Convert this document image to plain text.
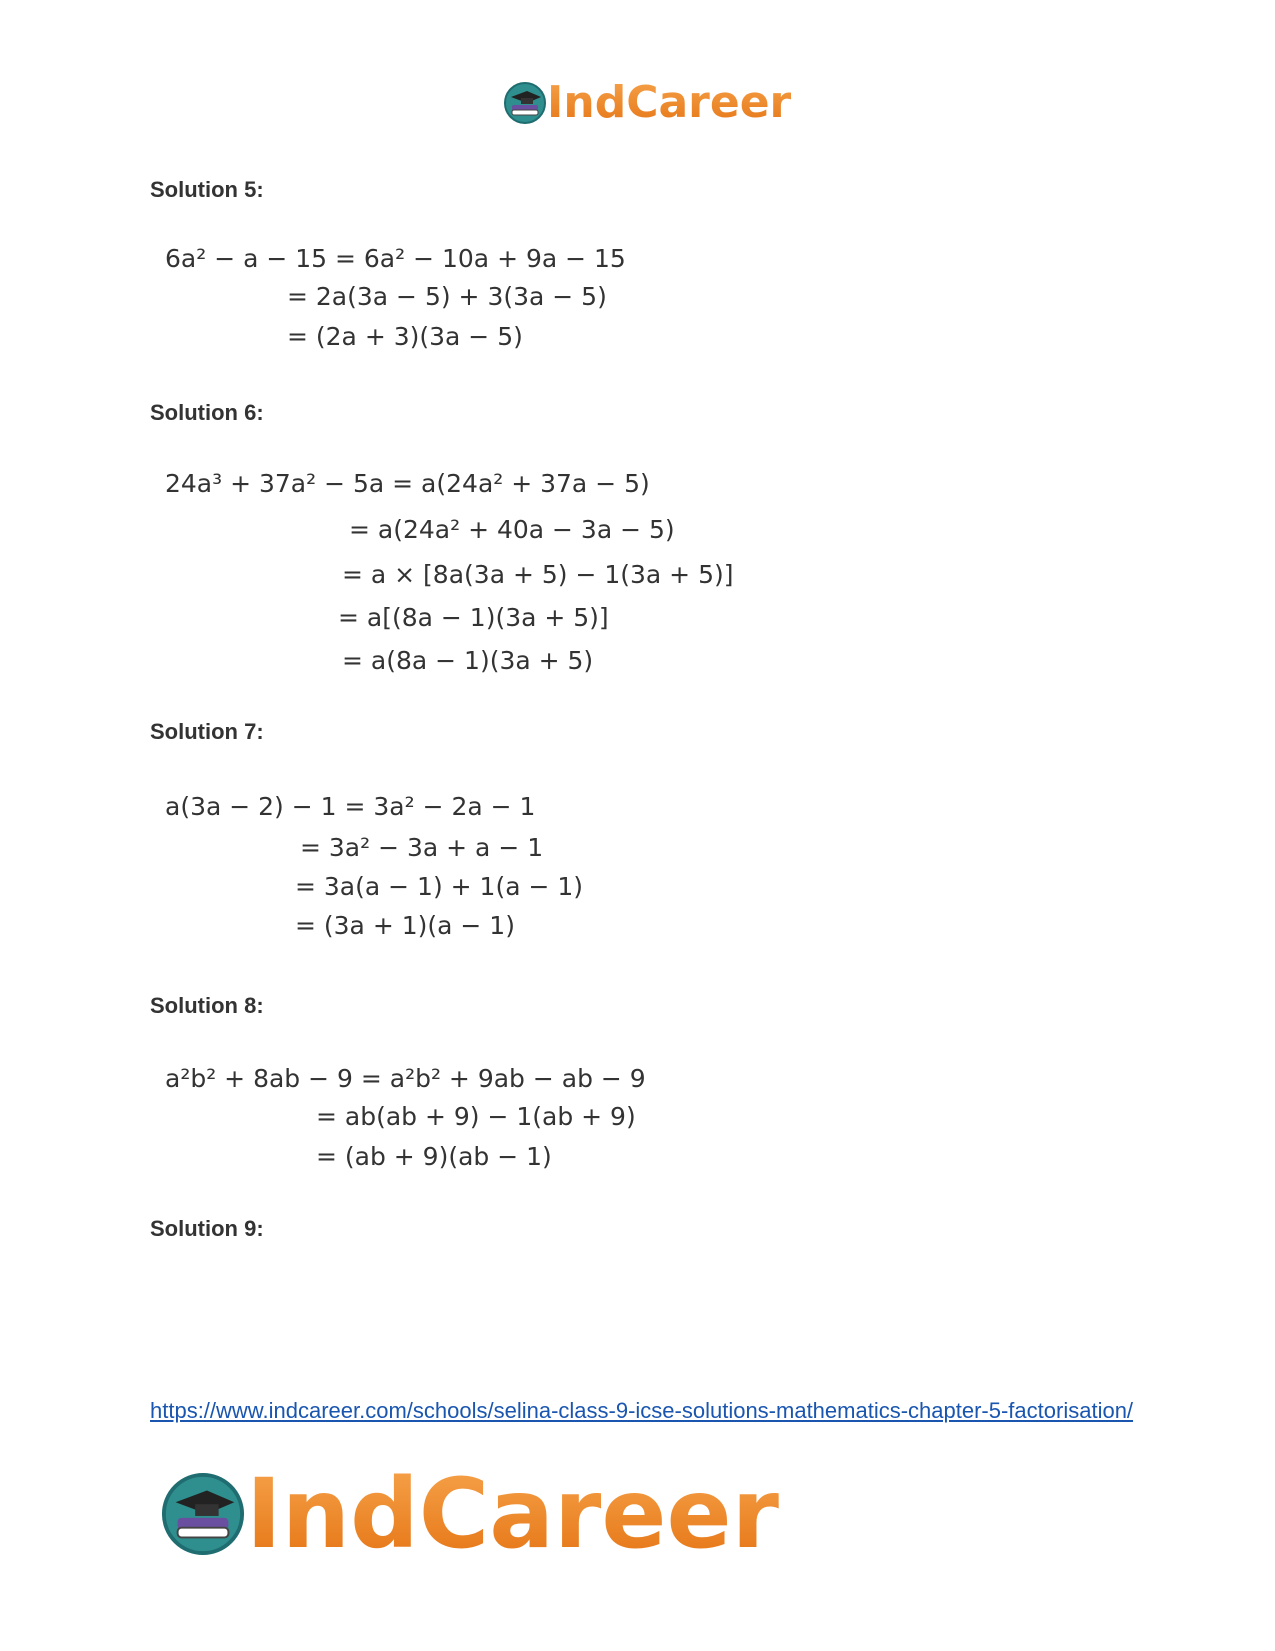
IndCareer
Solution 5:
6a² − a − 15 = 6a² − 10a + 9a − 15
= 2a(3a − 5) + 3(3a − 5)
= (2a + 3)(3a − 5)
Solution 6:
24a³ + 37a² − 5a = a(24a² + 37a − 5)
= a(24a² + 40a − 3a − 5)
= a × [8a(3a + 5) − 1(3a + 5)]
= a[(8a − 1)(3a + 5)]
= a(8a − 1)(3a + 5)
Solution 7:
a(3a − 2) − 1 = 3a² − 2a − 1
= 3a² − 3a + a − 1
= 3a(a − 1) + 1(a − 1)
= (3a + 1)(a − 1)
Solution 8:
a²b² + 8ab − 9 = a²b² + 9ab − ab − 9
= ab(ab + 9) − 1(ab + 9)
= (ab + 9)(ab − 1)
Solution 9:
https://www.indcareer.com/schools/selina-class-9-icse-solutions-mathematics-chapter-5-factorisation/
IndCareer
